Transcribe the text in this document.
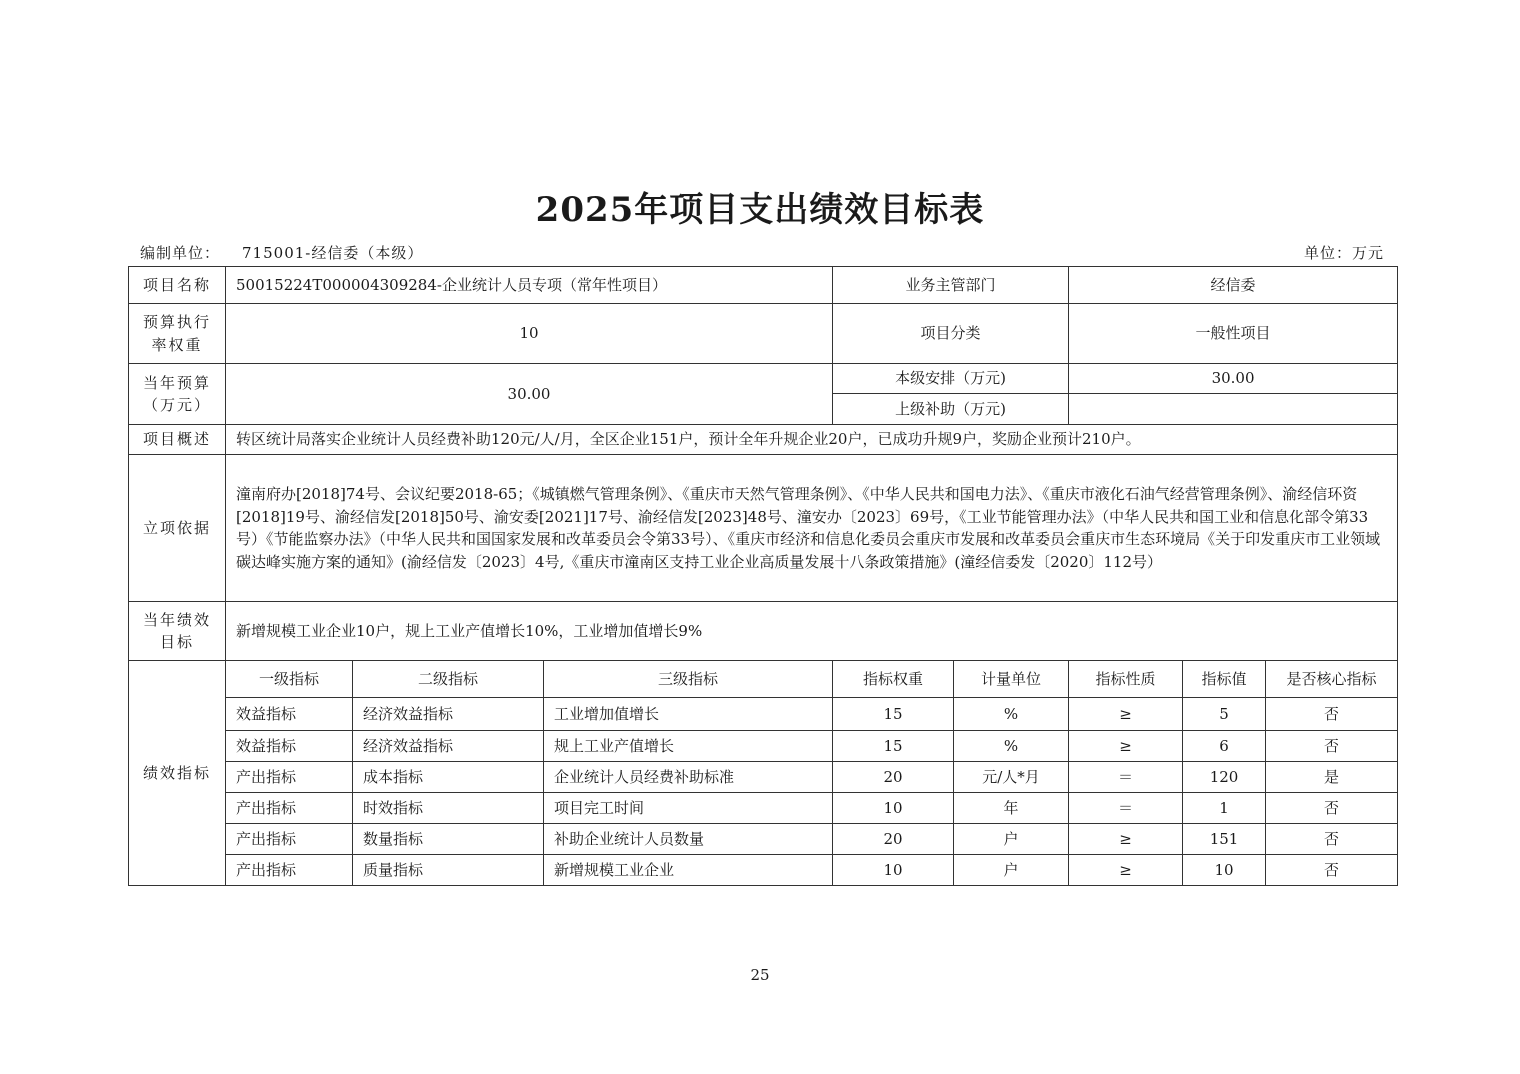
2025年项目支出绩效目标表
编制单位： 715001-经信委（本级）	单位：万元
项目名称	50015224T000004309284-企业统计人员专项（常年性项目）			业务主管部门		经信委		
预算执行率权重	10			项目分类		一般性项目		
当年预算（万元）	30.00			本级安排（万元)		30.00		
				上级补助（万元)				
项目概述	转区统计局落实企业统计人员经费补助120元/人/月，全区企业151户，预计全年升规企业20户，已成功升规9户，奖励企业预计210户。							
立项依据	潼南府办[2018]74号、会议纪要2018-65；《城镇燃气管理条例》、《重庆市天然气管理条例》、《中华人民共和国电力法》、《重庆市液化石油气经营管理条例》、渝经信环资[2018]19号、渝经信发[2018]50号、渝安委[2021]17号、渝经信发[2023]48号、潼安办〔2023〕69号，《工业节能管理办法》（中华人民共和国工业和信息化部令第33号）《节能监察办法》（中华人民共和国国家发展和改革委员会令第33号）、《重庆市经济和信息化委员会重庆市发展和改革委员会重庆市生态环境局《关于印发重庆市工业领域碳达峰实施方案的通知》(渝经信发〔2023〕4号,《重庆市潼南区支持工业企业高质量发展十八条政策措施》(潼经信委发〔2020〕112号）							
当年绩效目标	新增规模工业企业10户，规上工业产值增长10%，工业增加值增长9%							
绩效指标	一级指标	二级指标	三级指标	指标权重	计量单位	指标性质	指标值	是否核心指标
	效益指标	经济效益指标	工业增加值增长	15	%	≥	5	否
	效益指标	经济效益指标	规上工业产值增长	15	%	≥	6	否
	产出指标	成本指标	企业统计人员经费补助标准	20	元/人*月	＝	120	是
	产出指标	时效指标	项目完工时间	10	年	＝	1	否
	产出指标	数量指标	补助企业统计人员数量	20	户	≥	151	否
	产出指标	质量指标	新增规模工业企业	10	户	≥	10	否
25
